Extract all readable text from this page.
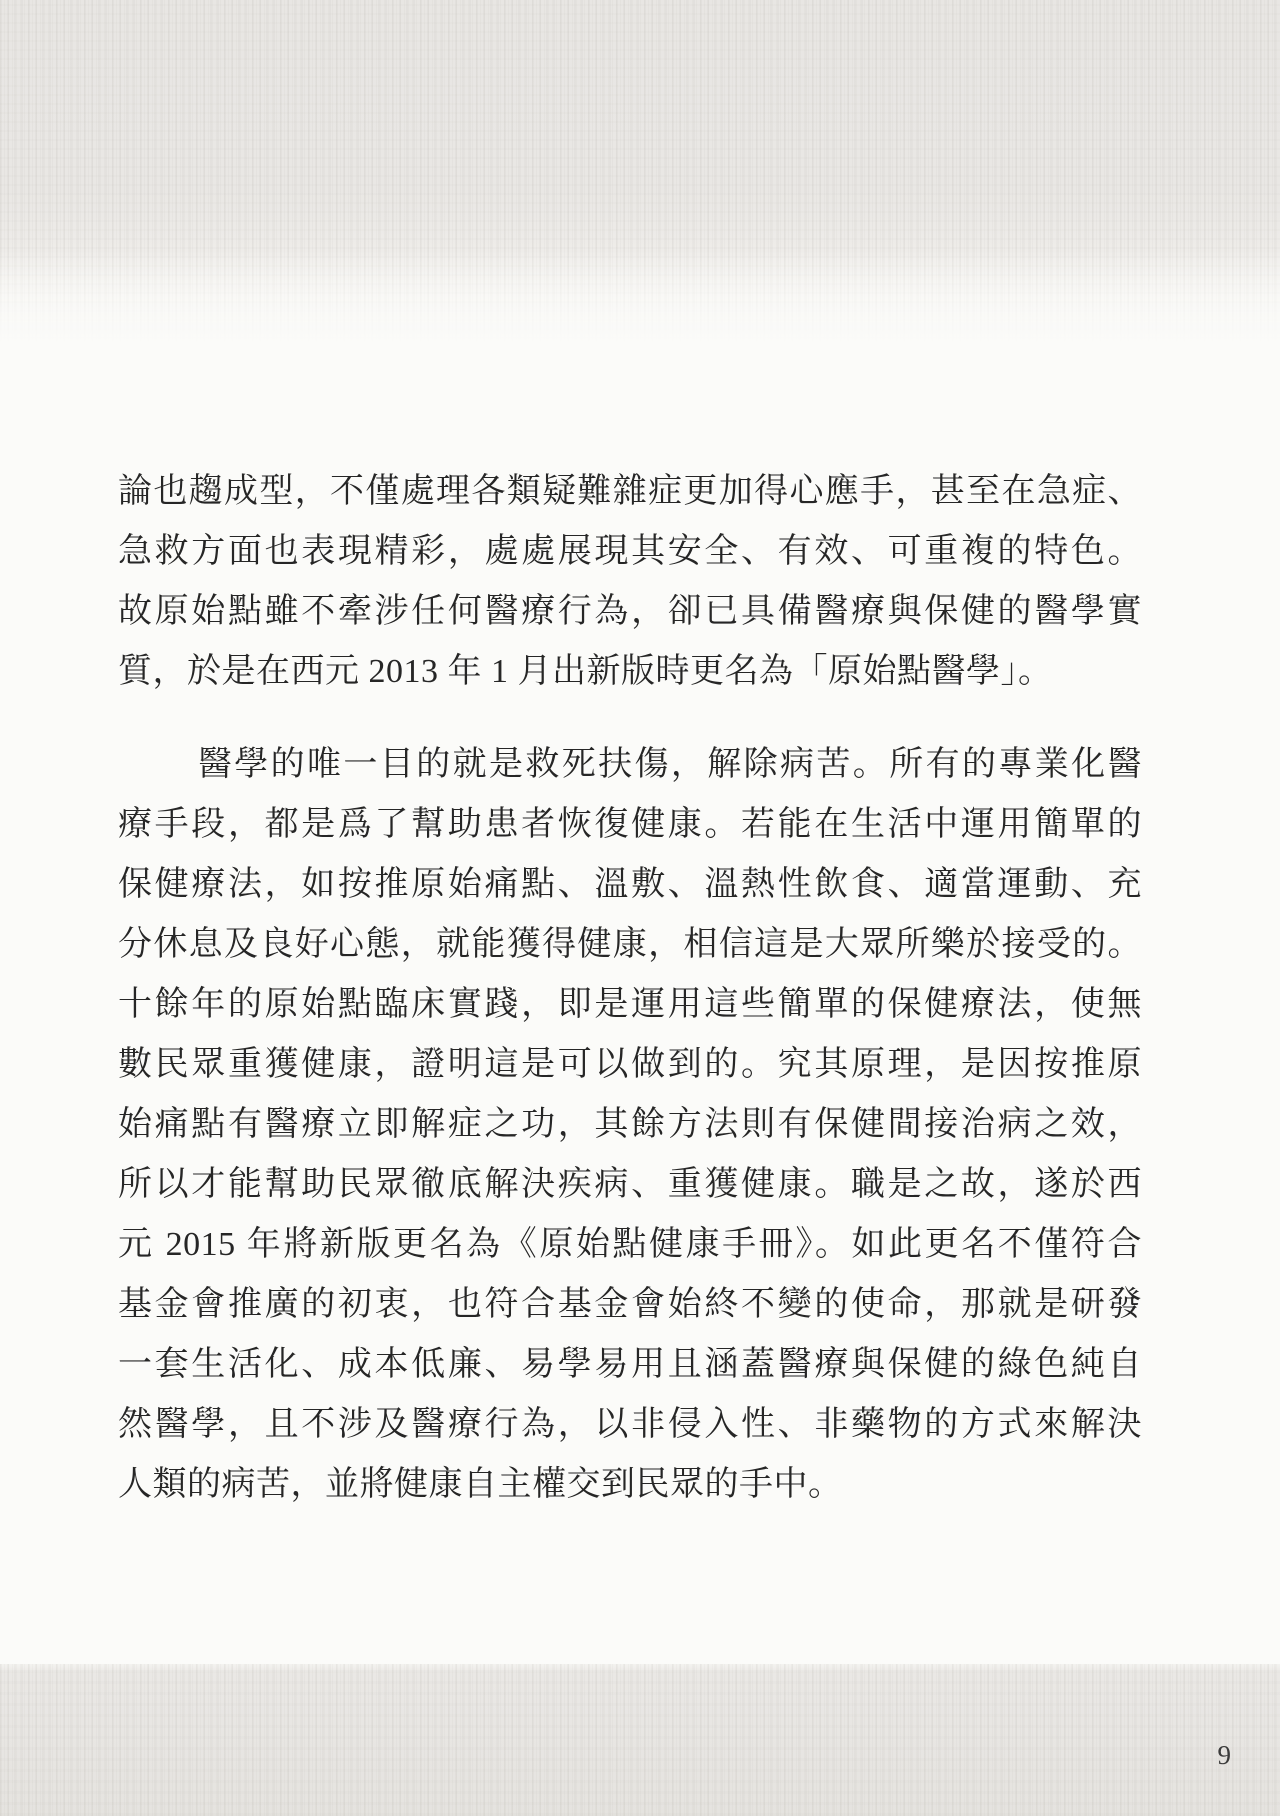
論也趨成型，不僅處理各類疑難雜症更加得心應手，甚至在急症、
急救方面也表現精彩，處處展現其安全、有效、可重複的特色。
故原始點雖不牽涉任何醫療行為，卻已具備醫療與保健的醫學實
質，於是在西元 2013 年 1 月出新版時更名為「原始點醫學」。
醫學的唯一目的就是救死扶傷，解除病苦。所有的專業化醫
療手段，都是爲了幫助患者恢復健康。若能在生活中運用簡單的
保健療法，如按推原始痛點、溫敷、溫熱性飲食、適當運動、充
分休息及良好心態，就能獲得健康，相信這是大眾所樂於接受的。
十餘年的原始點臨床實踐，即是運用這些簡單的保健療法，使無
數民眾重獲健康，證明這是可以做到的。究其原理，是因按推原
始痛點有醫療立即解症之功，其餘方法則有保健間接治病之效，
所以才能幫助民眾徹底解決疾病、重獲健康。職是之故，遂於西
元 2015 年將新版更名為《原始點健康手冊》。如此更名不僅符合
基金會推廣的初衷，也符合基金會始終不變的使命，那就是研發
一套生活化、成本低廉、易學易用且涵蓋醫療與保健的綠色純自
然醫學，且不涉及醫療行為，以非侵入性、非藥物的方式來解決
人類的病苦，並將健康自主權交到民眾的手中。
9
